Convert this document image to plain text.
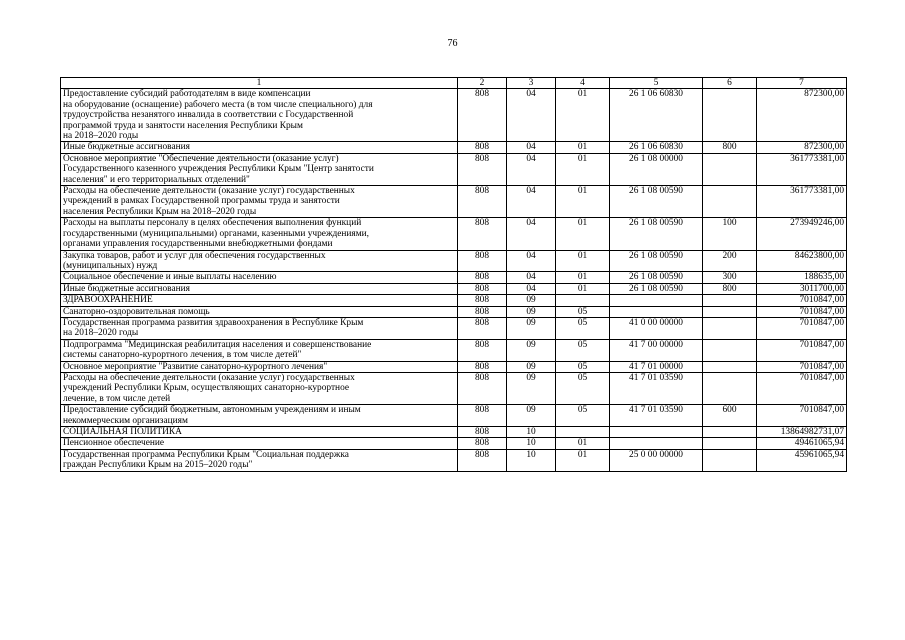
76
1	2	3	4	5	6	7
Предоставление субсидий работодателям в виде компенсации
на оборудование (оснащение) рабочего места (в том числе специального) для
трудоустройства незанятого инвалида в соответствии с Государственной
программой труда и занятости населения Республики Крым
на 2018–2020 годы	808	04	01	26 1 06 60830		872300,00
Иные бюджетные ассигнования	808	04	01	26 1 06 60830	800	872300,00
Основное мероприятие "Обеспечение деятельности (оказание услуг)
Государственного казенного учреждения Республики Крым "Центр занятости
населения" и его территориальных отделений"	808	04	01	26 1 08 00000		361773381,00
Расходы на обеспечение деятельности (оказание услуг) государственных
учреждений в рамках Государственной программы труда и занятости
населения Республики Крым на 2018–2020 годы	808	04	01	26 1 08 00590		361773381,00
Расходы на выплаты персоналу в целях обеспечения выполнения функций
государственными (муниципальными) органами, казенными учреждениями,
органами управления государственными внебюджетными фондами	808	04	01	26 1 08 00590	100	273949246,00
Закупка товаров, работ и услуг для обеспечения государственных
(муниципальных) нужд	808	04	01	26 1 08 00590	200	84623800,00
Социальное обеспечение и иные выплаты населению	808	04	01	26 1 08 00590	300	188635,00
Иные бюджетные ассигнования	808	04	01	26 1 08 00590	800	3011700,00
ЗДРАВООХРАНЕНИЕ	808	09				7010847,00
Санаторно-оздоровительная помощь	808	09	05			7010847,00
Государственная программа развития здравоохранения в Республике Крым
на 2018–2020 годы	808	09	05	41 0 00 00000		7010847,00
Подпрограмма "Медицинская реабилитация населения и совершенствование
системы санаторно-курортного лечения, в том числе детей"	808	09	05	41 7 00 00000		7010847,00
Основное мероприятие "Развитие санаторно-курортного лечения"	808	09	05	41 7 01 00000		7010847,00
Расходы на обеспечение деятельности (оказание услуг) государственных
учреждений Республики Крым, осуществляющих санаторно-курортное
лечение, в том числе детей	808	09	05	41 7 01 03590		7010847,00
Предоставление субсидий бюджетным, автономным учреждениям и иным
некоммерческим организациям	808	09	05	41 7 01 03590	600	7010847,00
СОЦИАЛЬНАЯ ПОЛИТИКА	808	10				13864982731,07
Пенсионное обеспечение	808	10	01			49461065,94
Государственная программа Республики Крым "Социальная поддержка
граждан Республики Крым на 2015–2020 годы"	808	10	01	25 0 00 00000		45961065,94
